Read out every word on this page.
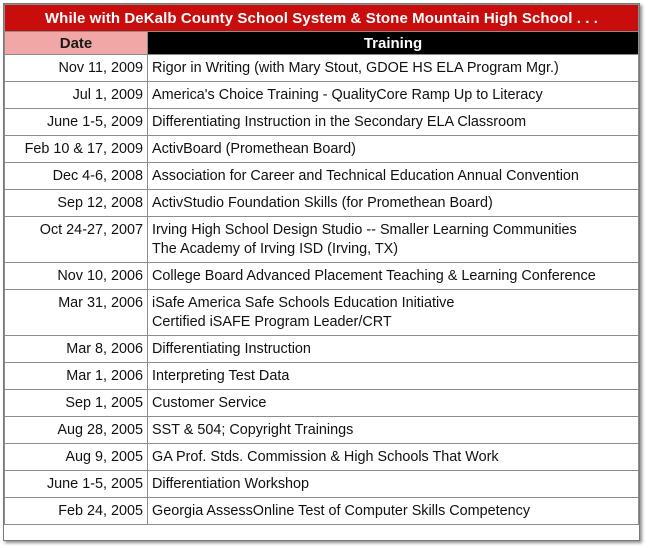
While with DeKalb County School System & Stone Mountain High School . . .	
Date	Training
Nov 11, 2009	Rigor in Writing (with Mary Stout, GDOE HS ELA Program Mgr.)
Jul 1, 2009	America's Choice Training - QualityCore Ramp Up to Literacy
June 1-5, 2009	Differentiating Instruction in the Secondary ELA Classroom
Feb 10 & 17, 2009	ActivBoard (Promethean Board)
Dec 4-6, 2008	Association for Career and Technical Education Annual Convention
Sep 12, 2008	ActivStudio Foundation Skills (for Promethean Board)
Oct 24-27, 2007	Irving High School Design Studio -- Smaller Learning Communities
The Academy of Irving ISD (Irving, TX)

Nov 10, 2006	College Board Advanced Placement Teaching & Learning Conference
Mar 31, 2006	iSafe America Safe Schools Education Initiative
Certified iSAFE Program Leader/CRT

Mar 8, 2006	Differentiating Instruction
Mar 1, 2006	Interpreting Test Data
Sep 1, 2005	Customer Service
Aug 28, 2005	SST & 504; Copyright Trainings
Aug 9, 2005	GA Prof. Stds. Commission & High Schools That Work
June 1-5, 2005	Differentiation Workshop
Feb 24, 2005	Georgia AssessOnline Test of Computer Skills Competency
